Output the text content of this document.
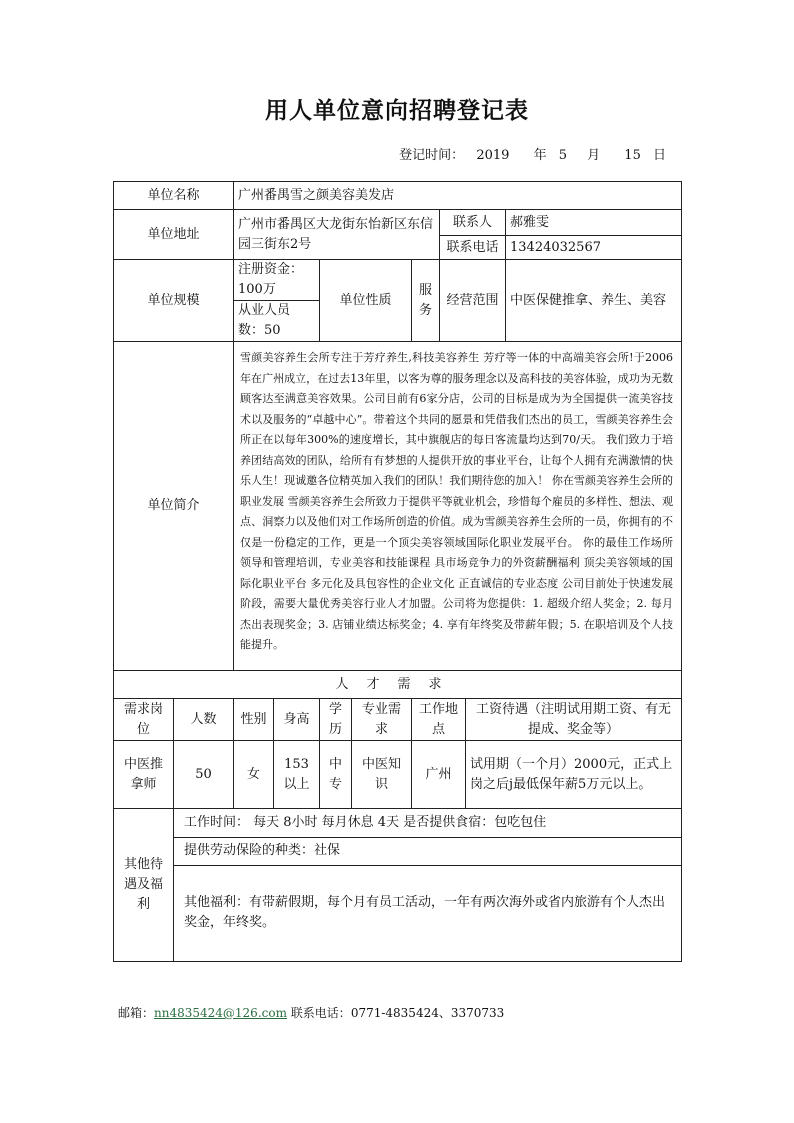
用人单位意向招聘登记表
登记时间： 2019 年 5 月 15 日
单位名称	广州番禺雪之颜美容美发店
单位地址	广州市番禺区大龙街东怡新区东信园三街东2号	联系人	郝雅雯
联系电话	13424032567
单位规模	注册资金：100万	单位性质	服务	经营范围	中医保健推拿、养生、美容
从业人员数：50
单位简介	雪颜美容养生会所专注于芳疗养生,科技美容养生 芳疗等一体的中高端美容会所!于2006年在广州成立，在过去13年里，以客为尊的服务理念以及高科技的美容体验，成功为无数顾客达至满意美容效果。公司目前有6家分店，公司的目标是成为为全国提供一流美容技术以及服务的“卓越中心”。带着这个共同的愿景和凭借我们杰出的员工，雪颜美容养生会所正在以每年300%的速度增长，其中旗舰店的每日客流量均达到70/天。 我们致力于培养团结高效的团队，给所有有梦想的人提供开放的事业平台，让每个人拥有充满激情的快乐人生！现诚邀各位精英加入我们的团队！我们期待您的加入！ 你在雪颜美容养生会所的职业发展 雪颜美容养生会所致力于提供平等就业机会，珍惜每个雇员的多样性、想法、观点、洞察力以及他们对工作场所创造的价值。成为雪颜美容养生会所的一员，你拥有的不仅是一份稳定的工作，更是一个顶尖美容领域国际化职业发展平台。 你的最佳工作场所 领导和管理培训，专业美容和技能课程 具市场竞争力的外资薪酬福利 顶尖美容领域的国际化职业平台 多元化及具包容性的企业文化 正直诚信的专业态度 公司目前处于快速发展阶段，需要大量优秀美容行业人才加盟。公司将为您提供：1. 超级介绍人奖金；2. 每月杰出表现奖金；3. 店铺业绩达标奖金；4. 享有年终奖及带薪年假；5. 在职培训及个人技能提升。
人才需求
需求岗位	人数	性别	身高	学历	专业需求	工作地点	工资待遇（注明试用期工资、有无提成、奖金等）
中医推拿师	50	女	153以上	中专	中医知识	广州	试用期（一个月）2000元，正式上岗之后j最低保年薪5万元以上。
其他待遇及福利	
工作时间： 每天 8小时 每月休息 4天 是否提供食宿：包吃包住
提供劳动保险的种类：社保
其他福利：有带薪假期，每个月有员工活动，一年有两次海外或省内旅游有个人杰出奖金，年终奖。
邮箱：nn4835424@126.com 联系电话：0771-4835424、3370733
